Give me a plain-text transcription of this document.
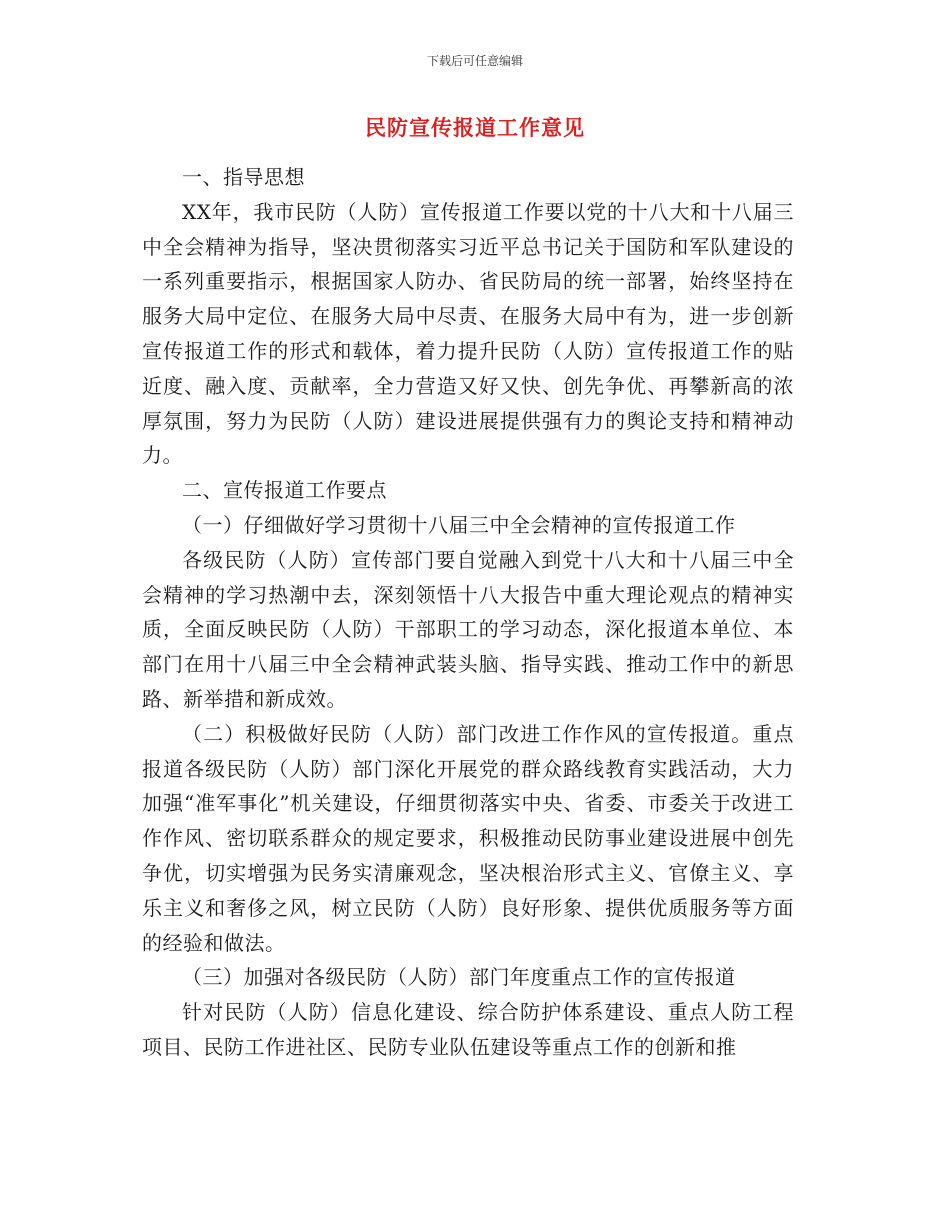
下载后可任意编辑
民防宣传报道工作意见

一、指导思想

XX年，我市民防（人防）宣传报道工作要以党的十八大和十八届三中全会精神为指导，坚决贯彻落实习近平总书记关于国防和军队建设的一系列重要指示，根据国家人防办、省民防局的统一部署，始终坚持在服务大局中定位、在服务大局中尽责、在服务大局中有为，进一步创新宣传报道工作的形式和载体，着力提升民防（人防）宣传报道工作的贴近度、融入度、贡献率，全力营造又好又快、创先争优、再攀新高的浓厚氛围，努力为民防（人防）建设进展提供强有力的舆论支持和精神动力。

二、宣传报道工作要点

（一）仔细做好学习贯彻十八届三中全会精神的宣传报道工作

各级民防（人防）宣传部门要自觉融入到党十八大和十八届三中全会精神的学习热潮中去，深刻领悟十八大报告中重大理论观点的精神实质，全面反映民防（人防）干部职工的学习动态，深化报道本单位、本部门在用十八届三中全会精神武装头脑、指导实践、推动工作中的新思路、新举措和新成效。

（二）积极做好民防（人防）部门改进工作作风的宣传报道。重点报道各级民防（人防）部门深化开展党的群众路线教育实践活动，大力加强“准军事化”机关建设，仔细贯彻落实中央、省委、市委关于改进工作作风、密切联系群众的规定要求，积极推动民防事业建设进展中创先争优，切实增强为民务实清廉观念，坚决根治形式主义、官僚主义、享乐主义和奢侈之风，树立民防（人防）良好形象、提供优质服务等方面的经验和做法。

（三）加强对各级民防（人防）部门年度重点工作的宣传报道

针对民防（人防）信息化建设、综合防护体系建设、重点人防工程项目、民防工作进社区、民防专业队伍建设等重点工作的创新和推
